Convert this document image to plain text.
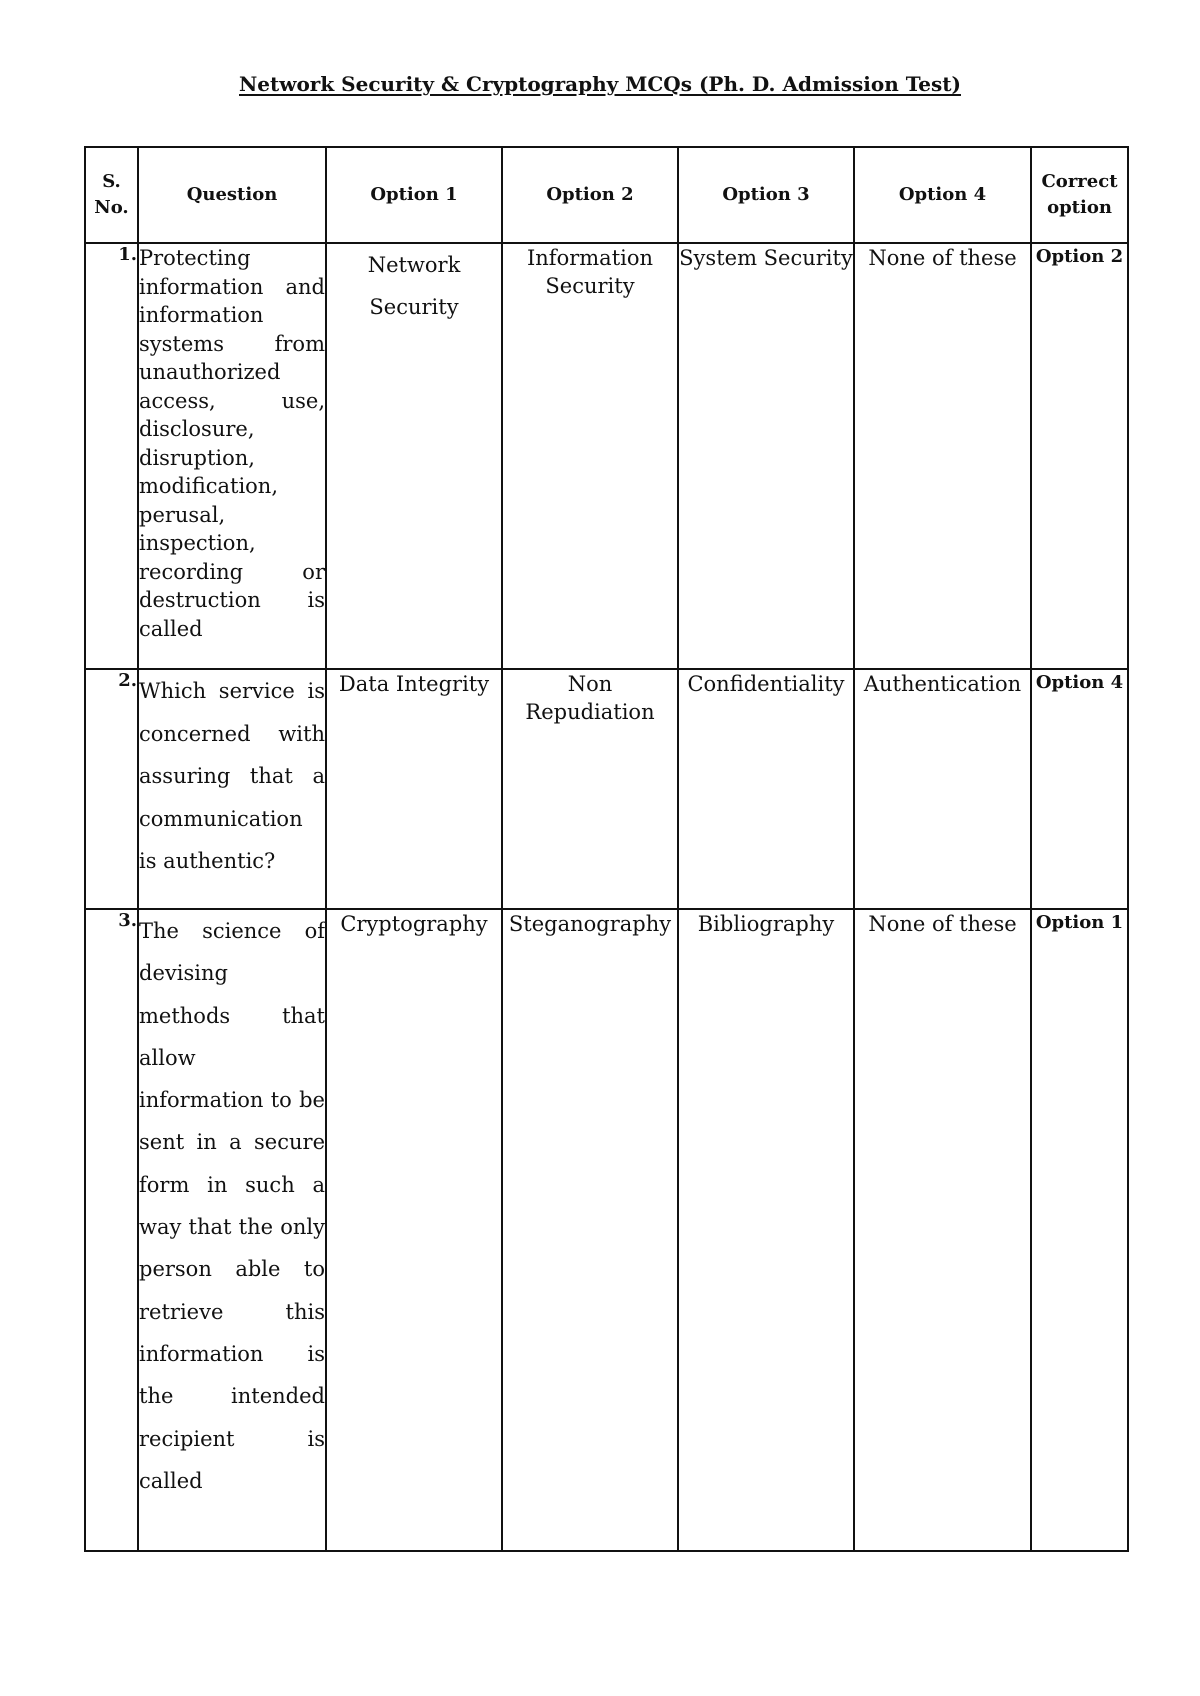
Network Security & Cryptography MCQs (Ph. D. Admission Test)
S. No.	Question	Option 1	Option 2	Option 3	Option 4	Correct option
1.	Protecting information and information systems from unauthorized access, use, disclosure, disruption, modification, perusal, inspection, recording or destruction is called	Network Security	Information Security	System Security	None of these	Option 2
2.	Which service is concerned with assuring that a communication is authentic?	Data Integrity	Non Repudiation	Confidentiality	Authentication	Option 4
3.	The science of devising methods that allow information to be sent in a secure form in such a way that the only person able to retrieve this information is the intended recipient is called	Cryptography	Steganography	Bibliography	None of these	Option 1
